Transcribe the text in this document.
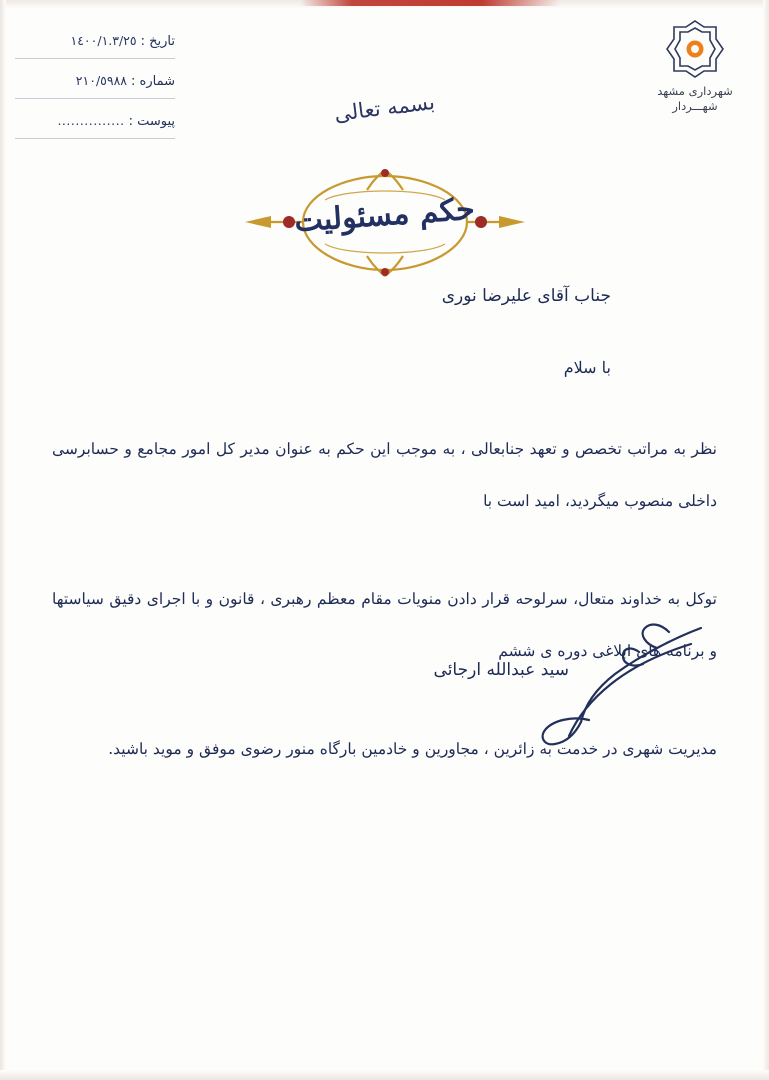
تاریخ :
١٤٠٠/١.٣/٢٥
شماره :
٢١٠/٥٩٨٨
پیوست :
...............
شهرداری مشهد
شهـــردار
بسمه تعالی
حکم مسئولیت
جناب آقای علیرضا نوری
با سلام
نظر به مراتب تخصص و تعهد جنابعالی ، به موجب این حکم به عنوان مدیر کل امور مجامع و حسابرسی داخلی منصوب میگردید، امید است با
توکل به خداوند متعال، سرلوحه قرار دادن منویات مقام معظم رهبری ، قانون و با اجرای دقیق سیاستها و برنامه های ابلاغی دوره ی ششم
مدیریت شهری در خدمت به زائرین ، مجاورین و خادمین بارگاه منور رضوی موفق و موید باشید.
سید عبدالله ارجائی
